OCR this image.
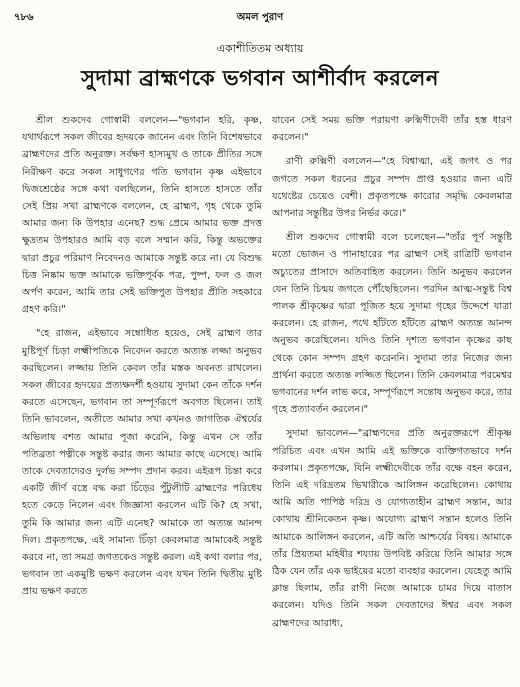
৭৮৬	অমল পুরাণ
একাশীতিতম অধ্যায়
সুদামা ব্রাহ্মণকে ভগবান আশীর্বাদ করলেন

শ্রীল শুকদেব গোস্বামী বললেন—"ভগবান হরি, কৃষ্ণ, যথার্থরূপে সকল জীবের হৃদয়কে জানেন এবং তিনি বিশেষভাবে ব্রাহ্মণদের প্রতি অনুরক্ত। সর্বক্ষণ হাস্যমুখ ও তাকে প্রীতির সঙ্গে নিরীক্ষণ করে সকল সাধুগণের গতি ভগবান কৃষ্ণ এইভাবে দ্বিজশ্রেষ্ঠের সঙ্গে কথা বলছিলেন, তিনি হাসতে হাসতে তাঁর সেই প্রিয় সখা ব্রাহ্মণকে বললেন, হে ব্রাহ্মণ, গৃহ থেকে তুমি আমার জন্য কি উপহার এনেছ? শুদ্ধ প্রেমে আমার ভক্ত প্রদত্ত ক্ষুদ্রতম উপহারও আমি বড় বলে সম্মান করি, কিন্তু অভক্তের দ্বারা প্রচুর পরিমাণ নিবেদনও আমাকে সন্তুষ্ট করে না। যে বিশুদ্ধ চিত্ত নিষ্কাম ভক্ত আমাকে ভক্তিপূর্বক পত্র, পুষ্প, ফল ও জল অর্পণ করেন, আমি তার সেই ভক্তিপুত উপহার প্রীতি সহকারে গ্রহণ করি।"

"হে রাজন, এইভাবে সম্বোধিত হয়েও, সেই ব্রাহ্মণ তার মুষ্টিপূর্ণ চিড়া লক্ষ্মীপতিকে নিবেদন করতে অত্যন্ত লজ্জা অনুভব করছিলেন। লজ্জায় তিনি কেবল তাঁর মস্তক অবনত রাখলেন। সকল জীবের হৃদয়ের প্রত্যক্ষদর্শী হওয়ায় সুদামা কেন তাঁকে দর্শন করতে এসেছেন, ভগবান তা সম্পূর্ণরূপে অবগত ছিলেন। তাই তিনি ভাবলেন, অতীতে আমার সখা কখনও জাগতিক ঐশ্বর্যের অভিলাষ বশত আমার পূজা করেনি, কিন্তু এখন সে তাঁর পতিব্রতা পত্নীকে সন্তুষ্ট করার জন্য আমার কাছে এসেছে। আমি তাকে দেবতাদেরও দুর্লভ সম্পদ প্রদান করব। এইরূপ চিন্তা করে একটি জীর্ণ বস্ত্রে বদ্ধ করা চিঁড়ের পুঁটুলীটি ব্রাহ্মণের পরিধেয় হতে কেড়ে নিলেন এবং জিজ্ঞাসা করলেন এটি কি? হে সখা, তুমি কি আমার জন্য এটি এনেছ? আমাকে তা অত্যন্ত আনন্দ দিল। প্রকৃতপক্ষে, এই সামান্য চিঁড়া কেবলমাত্র আমাকেই সন্তুষ্ট করবে না, তা সমগ্র জগতকেও সন্তুষ্ট করল। এই কথা বলার পর, ভগবান তা একমুষ্টি ভক্ষণ করলেন এবং যখন তিনি দ্বিতীয় মুষ্টি প্রায় ভক্ষণ করতে

যাবেন সেই সময় ভক্তি পরায়ণা রুক্মিণীদেবী তাঁর হস্ত ধারণ করলেন।"

রাণী রুক্মিণী বললেন—"হে বিশ্বাত্মা, এই জগৎ ও পর জগতে সকল ধরনের প্রচুর সম্পদ প্রাপ্ত হওয়ার জন্য এটি যথেষ্টের চেয়েও বেশী। প্রকৃতপক্ষে কারোর সমৃদ্ধি কেবলমাত্র আপনার সন্তুষ্টির উপর নির্ভর করে।"

শ্রীল শুকদেব গোস্বামী বলে চলেছেন—"তাঁর পূর্ণ সন্তুষ্টি মতো ভোজন ও পানাহারের পর ব্রাহ্মণ সেই রাত্রিটি ভগবান অচ্যুতের প্রাসাদে অতিবাহিত করলেন। তিনি অনুভব করলেন যেন তিনি চিন্ময় জগতে পৌঁছেছিলেন। পরদিন আত্ম-সন্তুষ্ট বিশ্ব পালক শ্রীকৃষ্ণের দ্বারা পূজিত হয়ে সুদামা গৃহের উদ্দেশে যাত্রা করলেন। হে রাজন, পথে হাঁটতে হাঁটতে ব্রাহ্মণ অত্যন্ত আনন্দ অনুভব করেছিলেন। যদিও তিনি দৃশ্যত ভগবান কৃষ্ণের কাছ থেকে কোন সম্পদ গ্রহণ করেননি। সুদামা তার নিজের জন্য প্রার্থনা করতে অত্যন্ত লজ্জিত ছিলেন। তিনি কেবলমাত্র পরমেশ্বর ভগবানের দর্শন লাভ করে, সম্পূর্ণরূপে সন্তোষ অনুভব করে, তার গৃহে প্রত্যাবর্তন করলেন।"

সুদামা ভাবলেন—"ব্রাহ্মণদের প্রতি অনুরক্তরূপে শ্রীকৃষ্ণ পরিচিত এবং এখন আমি এই ভক্তিকে ব্যক্তিগতভাবে দর্শন করলাম। প্রকৃতপক্ষে, যিনি লক্ষ্মীদেবীকে তাঁর বক্ষে বহন করেন, তিনি এই দরিদ্রতম ভিখারীকে আলিঙ্গন করেছিলেন। কোথায় আমি অতি পাপিষ্ঠ দরিদ্র ও যোগ্যতাহীন ব্রাহ্মণ সন্তান, আর কোথায় শ্রীনিকেতন কৃষ্ণ। অযোগ্য ব্রাহ্মণ সন্তান হলেও তিনি আমাকে আলিঙ্গন করলেন, এটি অতি আশ্চর্যের বিষয়। আমাকে তাঁর প্রিয়তমা মহিষীর শয্যায় উপবিষ্ট করিয়ে তিনি আমার সঙ্গে ঠিক যেন তাঁর এক ভাইয়ের মতো ব্যবহার করলেন। যেহেতু আমি ক্লান্ত ছিলাম, তাঁর রাণী নিজে আমাকে চামর দিয়ে বাতাস করলেন। যদিও তিনি সকল দেবতাদের ঈশ্বর এবং সকল ব্রাহ্মণদের আরাধ্য,
